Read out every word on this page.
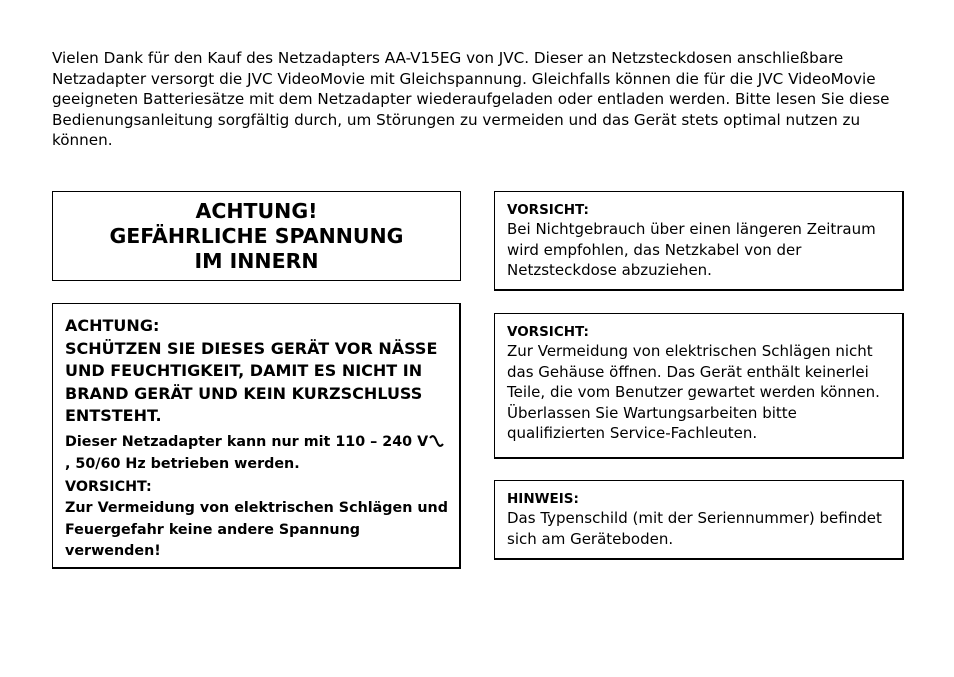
Vielen Dank für den Kauf des Netzadapters AA-V15EG von JVC. Dieser an Netzsteckdosen anschließbare Netzadapter versorgt die JVC VideoMovie mit Gleichspannung. Gleichfalls können die für die JVC VideoMovie geeigneten Batteriesätze mit dem Netzadapter wiederaufgeladen oder entladen werden. Bitte lesen Sie diese Bedienungsanleitung sorgfältig durch, um Störungen zu vermeiden und das Gerät stets optimal nutzen zu können.

ACHTUNG!
GEFÄHRLICHE SPANNUNG
IM INNERN

ACHTUNG:

SCHÜTZEN SIE DIESES GERÄT VOR NÄSSE UND FEUCHTIGKEIT, DAMIT ES NICHT IN BRAND GERÄT UND KEIN KURZSCHLUSS ENTSTEHT.

Dieser Netzadapter kann nur mit 110 – 240 V, 50/60 Hz betrieben werden.

VORSICHT:

Zur Vermeidung von elektrischen Schlägen und Feuergefahr keine andere Spannung verwenden!

VORSICHT:

Bei Nichtgebrauch über einen längeren Zeitraum wird empfohlen, das Netzkabel von der Netzsteckdose abzuziehen.

VORSICHT:

Zur Vermeidung von elektrischen Schlägen nicht das Gehäuse öffnen. Das Gerät enthält keinerlei Teile, die vom Benutzer gewartet werden können. Überlassen Sie Wartungsarbeiten bitte qualifizierten Service-Fachleuten.

HINWEIS:

Das Typenschild (mit der Seriennummer) befindet sich am Geräteboden.
